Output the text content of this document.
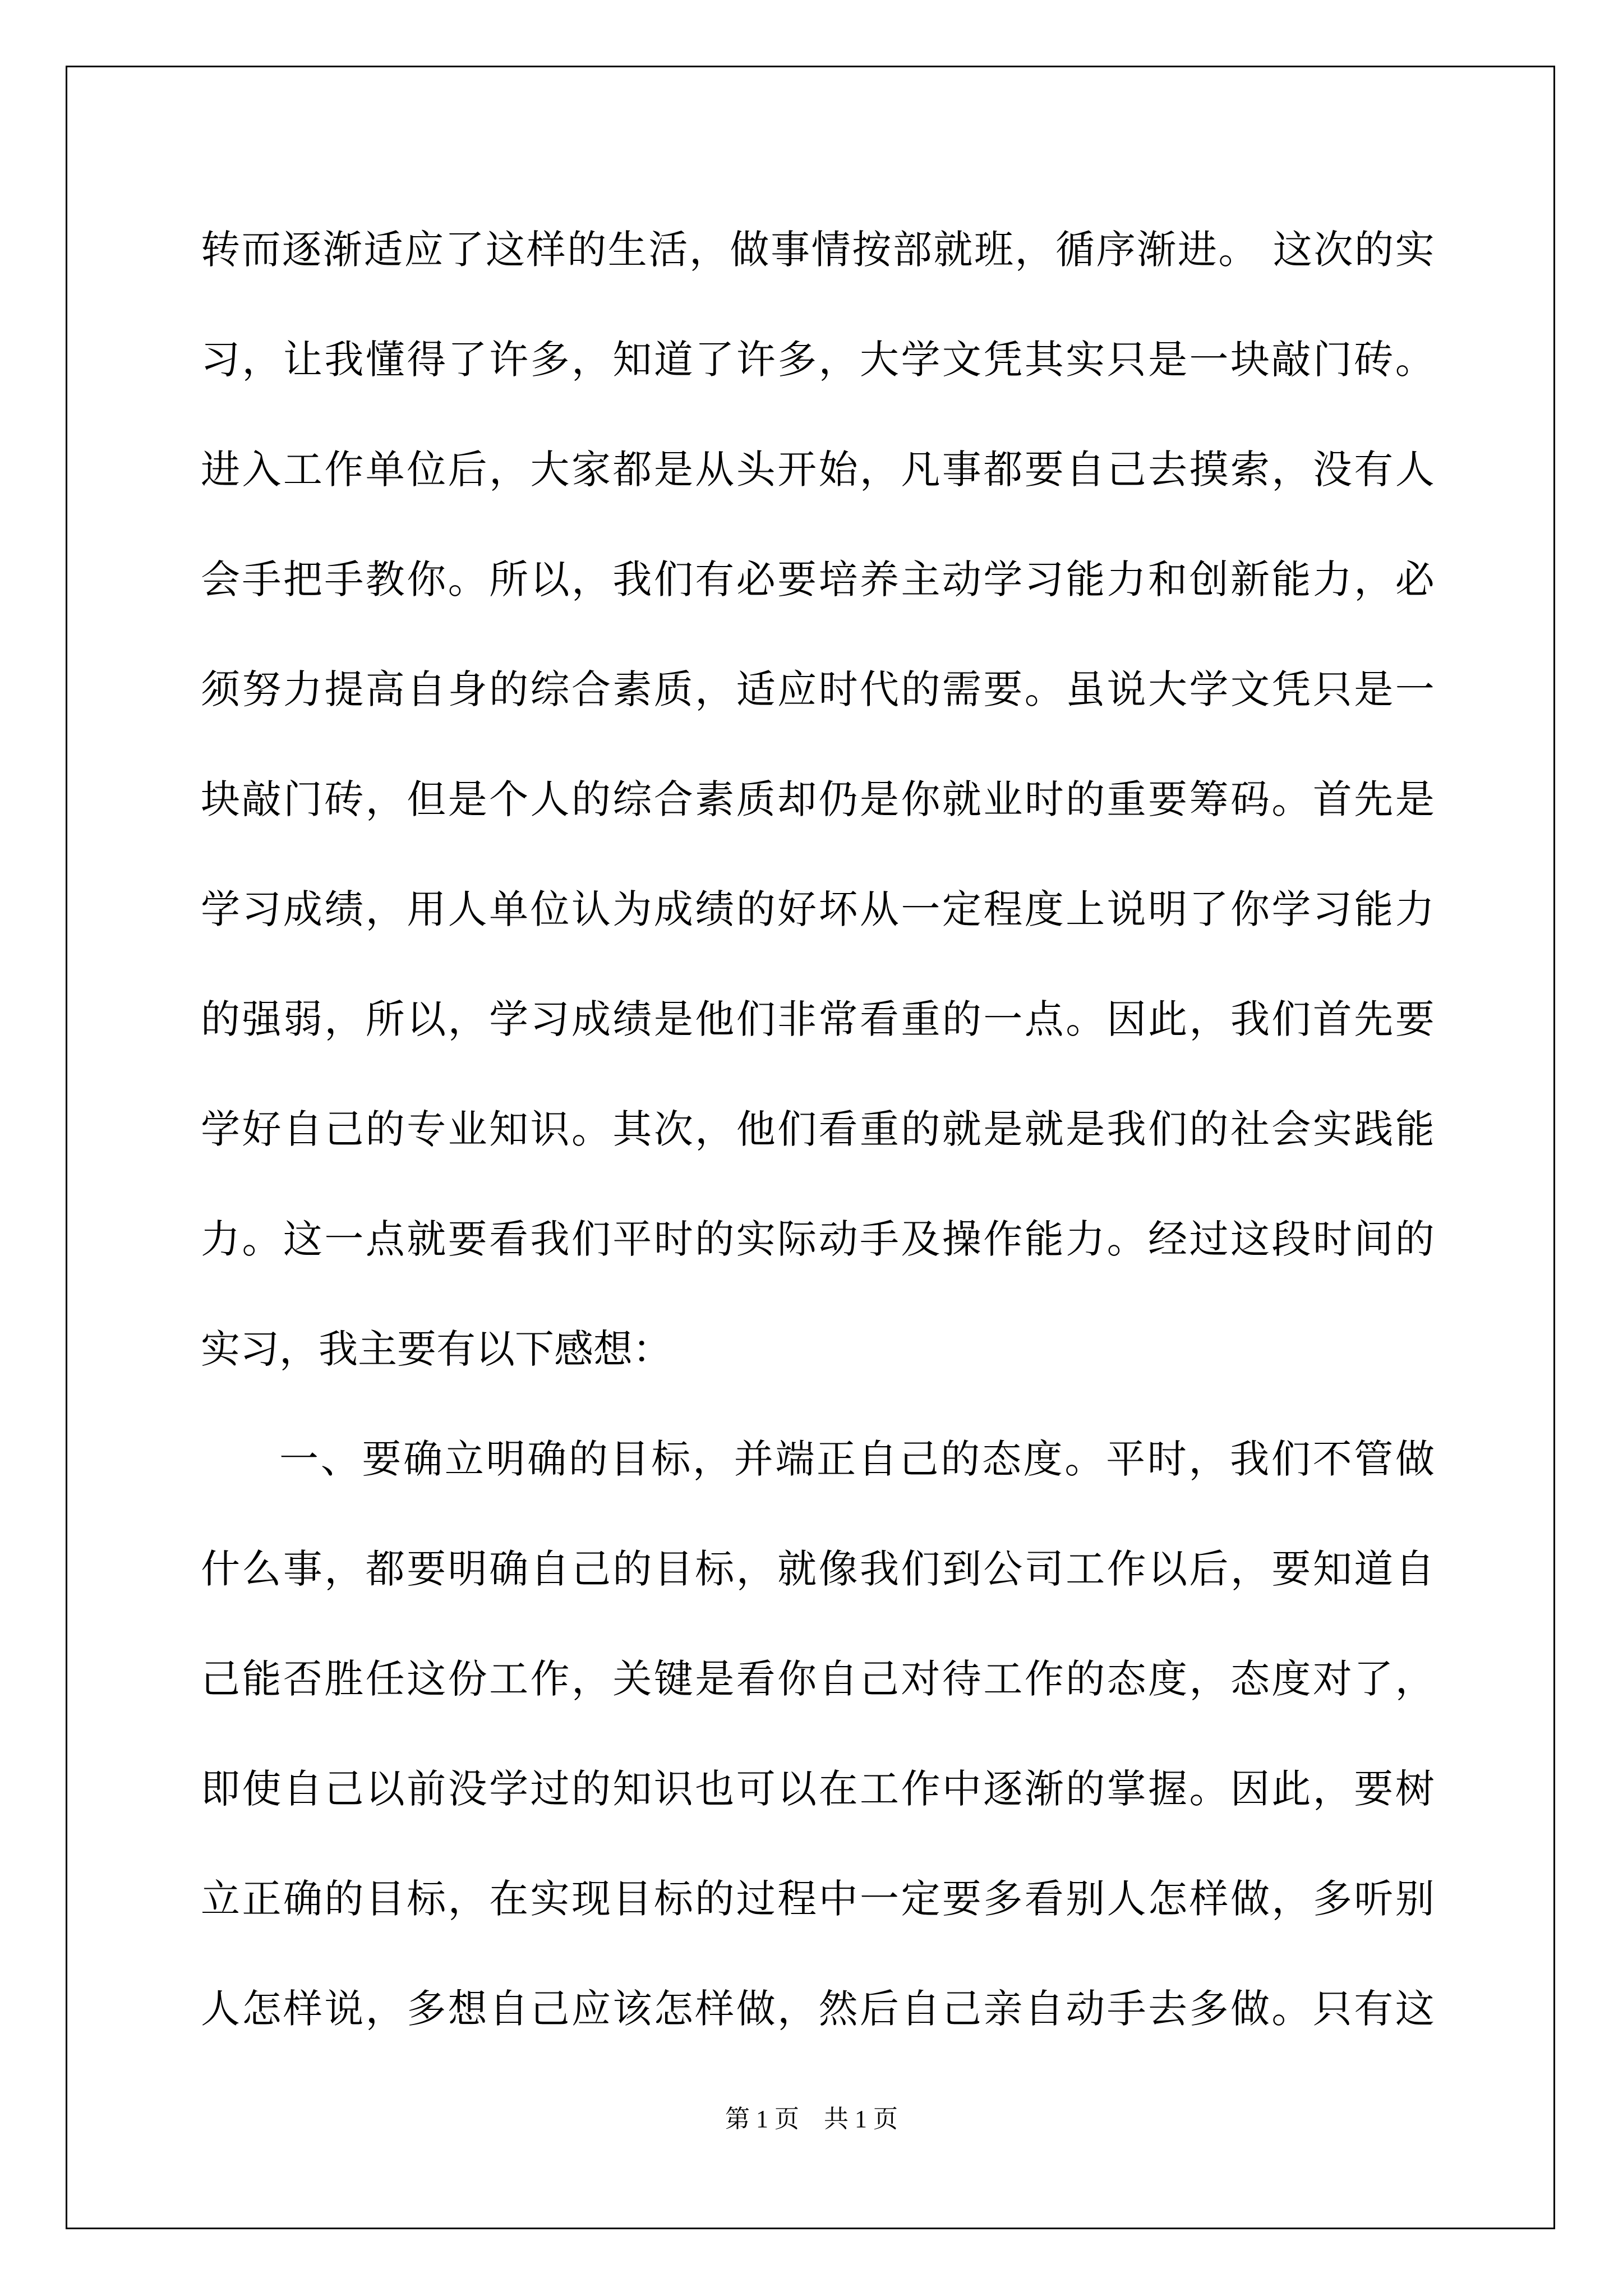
转 而 逐 渐 适 应 了 这 样 的 生 活 ， 做 事 情 按 部 就 班 ， 循 序 渐 进 。
这 次 的 实
习 ， 让 我 懂 得 了 许 多 ， 知 道 了 许 多 ， 大 学 文 凭 其 实 只 是 一 块 敲 门 砖 。
进 入 工 作 单 位 后 ， 大 家 都 是 从 头 开 始 ， 凡 事 都 要 自 己 去 摸 索 ， 没 有 人
会 手 把 手 教 你 。 所 以 ， 我 们 有 必 要 培 养 主 动 学 习 能 力 和 创 新 能 力 ， 必
须 努 力 提 高 自 身 的 综 合 素 质 ， 适 应 时 代 的 需 要 。 虽 说 大 学 文 凭 只 是 一
块 敲 门 砖 ， 但 是 个 人 的 综 合 素 质 却 仍 是 你 就 业 时 的 重 要 筹 码 。 首 先 是
学 习 成 绩 ， 用 人 单 位 认 为 成 绩 的 好 坏 从 一 定 程 度 上 说 明 了 你 学 习 能 力
的 强 弱 ， 所 以 ， 学 习 成 绩 是 他 们 非 常 看 重 的 一 点 。 因 此 ， 我 们 首 先 要
学 好 自 己 的 专 业 知 识 。 其 次 ， 他 们 看 重 的 就 是 就 是 我 们 的 社 会 实 践 能
力 。 这 一 点 就 要 看 我 们 平 时 的 实 际 动 手 及 操 作 能 力 。 经 过 这 段 时 间 的
实 习 ， 我 主 要 有 以 下 感 想 ：
一 、 要 确 立 明 确 的 目 标 ， 并 端 正 自 己 的 态 度 。 平 时 ， 我 们 不 管 做
什 么 事 ， 都 要 明 确 自 己 的 目 标 ， 就 像 我 们 到 公 司 工 作 以 后 ， 要 知 道 自
己 能 否 胜 任 这 份 工 作 ， 关 键 是 看 你 自 己 对 待 工 作 的 态 度 ， 态 度 对 了 ，
即 使 自 己 以 前 没 学 过 的 知 识 也 可 以 在 工 作 中 逐 渐 的 掌 握 。 因 此 ， 要 树
立 正 确 的 目 标 ， 在 实 现 目 标 的 过 程 中 一 定 要 多 看 别 人 怎 样 做 ， 多 听 别
人 怎 样 说 ， 多 想 自 己 应 该 怎 样 做 ， 然 后 自 己 亲 自 动 手 去 多 做 。 只 有 这
第 1 页　共 1 页
